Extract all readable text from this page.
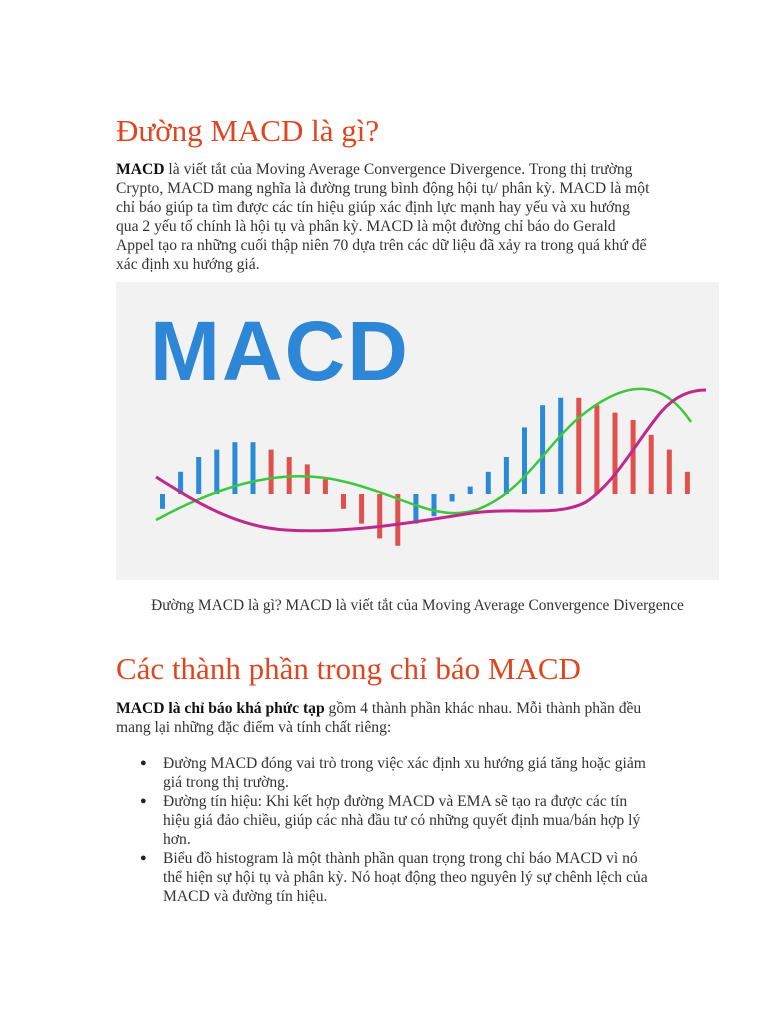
Đường MACD là gì?

MACD là viết tắt của Moving Average Convergence Divergence. Trong thị trường Crypto, MACD mang nghĩa là đường trung bình động hội tụ/ phân kỳ. MACD là một chỉ báo giúp ta tìm được các tín hiệu giúp xác định lực mạnh hay yếu và xu hướng qua 2 yếu tố chính là hội tụ và phân kỳ. MACD là một đường chỉ báo do Gerald Appel tạo ra những cuối thập niên 70 dựa trên các dữ liệu đã xảy ra trong quá khứ để xác định xu hướng giá.

MACD

Đường MACD là gì? MACD là viết tắt của Moving Average Convergence Divergence

Các thành phần trong chỉ báo MACD

MACD là chỉ báo khá phức tạp gồm 4 thành phần khác nhau. Mỗi thành phần đều mang lại những đặc điểm và tính chất riêng:

● Đường MACD đóng vai trò trong việc xác định xu hướng giá tăng hoặc giảm giá trong thị trường.
● Đường tín hiệu: Khi kết hợp đường MACD và EMA sẽ tạo ra được các tín hiệu giá đảo chiều, giúp các nhà đầu tư có những quyết định mua/bán hợp lý hơn.
● Biểu đồ histogram là một thành phần quan trọng trong chỉ báo MACD vì nó thể hiện sự hội tụ và phân kỳ. Nó hoạt động theo nguyên lý sự chênh lệch của MACD và đường tín hiệu.
